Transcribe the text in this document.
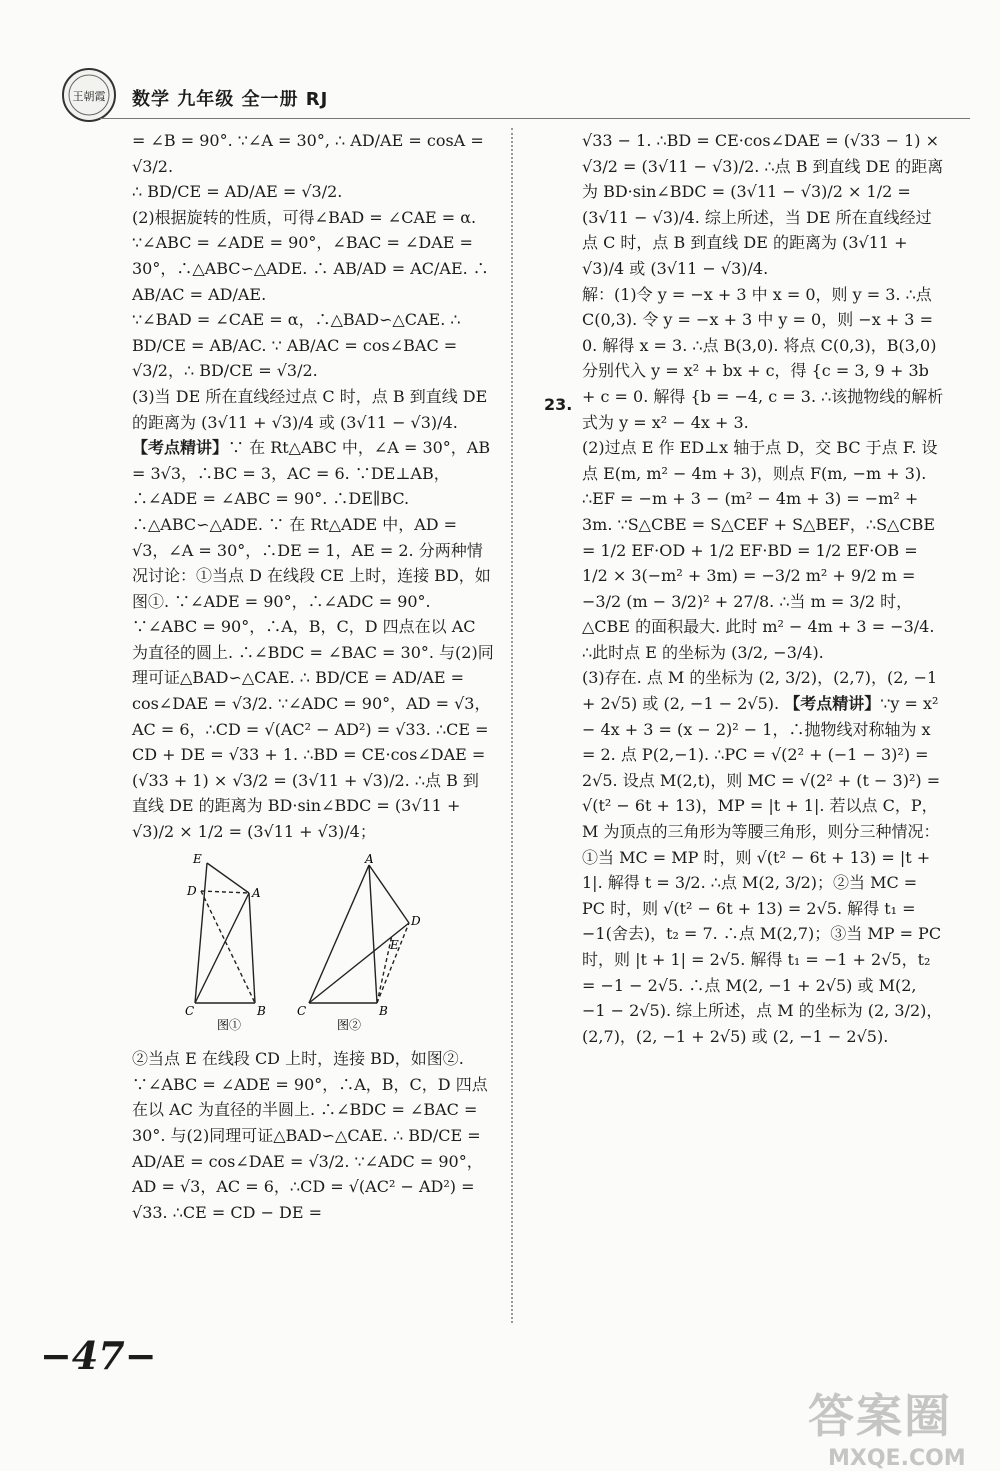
王朝霞 数学 九年级 全一册 RJ

= ∠B = 90°. ∵∠A = 30°, ∴ AD/AE = cosA = √3/2.

∴ BD/CE = AD/AE = √3/2.

(2)根据旋转的性质，可得∠BAD = ∠CAE = α. ∵∠ABC = ∠ADE = 90°，∠BAC = ∠DAE = 30°，∴△ABC∽△ADE. ∴ AB/AD = AC/AE. ∴ AB/AC = AD/AE.

∵∠BAD = ∠CAE = α，∴△BAD∽△CAE. ∴ BD/CE = AB/AC. ∵ AB/AC = cos∠BAC = √3/2，∴ BD/CE = √3/2.

(3)当 DE 所在直线经过点 C 时，点 B 到直线 DE 的距离为 (3√11 + √3)/4 或 (3√11 − √3)/4.

【考点精讲】∵ 在 Rt△ABC 中，∠A = 30°，AB = 3√3，∴BC = 3，AC = 6. ∵DE⊥AB，∴∠ADE = ∠ABC = 90°. ∴DE∥BC. ∴△ABC∽△ADE. ∵ 在 Rt△ADE 中，AD = √3，∠A = 30°，∴DE = 1，AE = 2. 分两种情况讨论：①当点 D 在线段 CE 上时，连接 BD，如图①. ∵∠ADE = 90°，∴∠ADC = 90°. ∵∠ABC = 90°，∴A，B，C，D 四点在以 AC 为直径的圆上. ∴∠BDC = ∠BAC = 30°. 与(2)同理可证△BAD∽△CAE. ∴ BD/CE = AD/AE = cos∠DAE = √3/2. ∵∠ADC = 90°，AD = √3，AC = 6，∴CD = √(AC² − AD²) = √33. ∴CE = CD + DE = √33 + 1. ∴BD = CE·cos∠DAE = (√33 + 1) × √3/2 = (3√11 + √3)/2. ∴点 B 到直线 DE 的距离为 BD·sin∠BDC = (3√11 + √3)/2 × 1/2 = (3√11 + √3)/4；

E
D	A
C	B
图①
A
D
E
C	B
图②

②当点 E 在线段 CD 上时，连接 BD，如图②. ∵∠ABC = ∠ADE = 90°，∴A，B，C，D 四点在以 AC 为直径的半圆上. ∴∠BDC = ∠BAC = 30°. 与(2)同理可证△BAD∽△CAE. ∴ BD/CE = AD/AE = cos∠DAE = √3/2. ∵∠ADC = 90°，AD = √3，AC = 6，∴CD = √(AC² − AD²) = √33. ∴CE = CD − DE =

23.

√33 − 1. ∴BD = CE·cos∠DAE = (√33 − 1) × √3/2 = (3√11 − √3)/2. ∴点 B 到直线 DE 的距离为 BD·sin∠BDC = (3√11 − √3)/2 × 1/2 = (3√11 − √3)/4. 综上所述，当 DE 所在直线经过点 C 时，点 B 到直线 DE 的距离为 (3√11 + √3)/4 或 (3√11 − √3)/4.

解：(1)令 y = −x + 3 中 x = 0，则 y = 3. ∴点 C(0,3). 令 y = −x + 3 中 y = 0，则 −x + 3 = 0. 解得 x = 3. ∴点 B(3,0). 将点 C(0,3)，B(3,0) 分别代入 y = x² + bx + c，得 {c = 3, 9 + 3b + c = 0. 解得 {b = −4, c = 3. ∴该抛物线的解析式为 y = x² − 4x + 3.

(2)过点 E 作 ED⊥x 轴于点 D，交 BC 于点 F. 设点 E(m, m² − 4m + 3)，则点 F(m, −m + 3). ∴EF = −m + 3 − (m² − 4m + 3) = −m² + 3m. ∵S△CBE = S△CEF + S△BEF，∴S△CBE = 1/2 EF·OD + 1/2 EF·BD = 1/2 EF·OB = 1/2 × 3(−m² + 3m) = −3/2 m² + 9/2 m = −3/2 (m − 3/2)² + 27/8. ∴当 m = 3/2 时，△CBE 的面积最大. 此时 m² − 4m + 3 = −3/4. ∴此时点 E 的坐标为 (3/2, −3/4).

(3)存在. 点 M 的坐标为 (2, 3/2)，(2,7)，(2, −1 + 2√5) 或 (2, −1 − 2√5). 【考点精讲】∵y = x² − 4x + 3 = (x − 2)² − 1，∴抛物线对称轴为 x = 2. 点 P(2,−1). ∴PC = √(2² + (−1 − 3)²) = 2√5. 设点 M(2,t)，则 MC = √(2² + (t − 3)²) = √(t² − 6t + 13)，MP = |t + 1|. 若以点 C，P，M 为顶点的三角形为等腰三角形，则分三种情况：①当 MC = MP 时，则 √(t² − 6t + 13) = |t + 1|. 解得 t = 3/2. ∴点 M(2, 3/2)；②当 MC = PC 时，则 √(t² − 6t + 13) = 2√5. 解得 t₁ = −1(舍去)，t₂ = 7. ∴点 M(2,7)；③当 MP = PC 时，则 |t + 1| = 2√5. 解得 t₁ = −1 + 2√5，t₂ = −1 − 2√5. ∴点 M(2, −1 + 2√5) 或 M(2, −1 − 2√5). 综上所述，点 M 的坐标为 (2, 3/2)，(2,7)，(2, −1 + 2√5) 或 (2, −1 − 2√5).

−47−
答案圈
MXQE.COM
